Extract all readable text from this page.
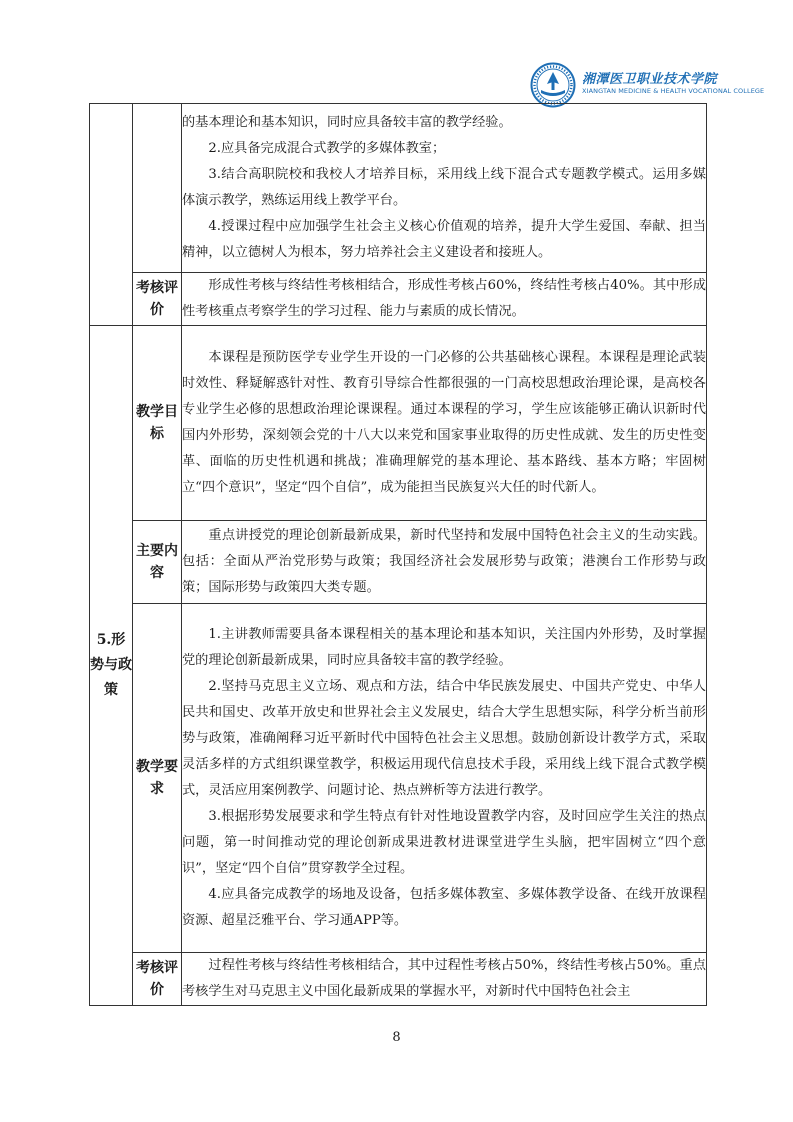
湘潭医卫职业技术学院
XIANGTAN MEDICINE & HEALTH VOCATIONAL COLLEGE

		的基本理论和基本知识，同时应具备较丰富的教学经验。

2.应具备完成混合式教学的多媒体教室；

3.结合高职院校和我校人才培养目标，采用线上线下混合式专题教学模式。运用多媒体演示教学，熟练运用线上教学平台。

4.授课过程中应加强学生社会主义核心价值观的培养，提升大学生爱国、奉献、担当精神，以立德树人为根本，努力培养社会主义建设者和接班人。

	考核评价	形成性考核与终结性考核相结合，形成性考核占60%，终结性考核占40%。其中形成性考核重点考察学生的学习过程、能力与素质的成长情况。

5.形势与政策	教学目标	本课程是预防医学专业学生开设的一门必修的公共基础核心课程。本课程是理论武装时效性、释疑解惑针对性、教育引导综合性都很强的一门高校思想政治理论课，是高校各专业学生必修的思想政治理论课课程。通过本课程的学习，学生应该能够正确认识新时代国内外形势，深刻领会党的十八大以来党和国家事业取得的历史性成就、发生的历史性变革、面临的历史性机遇和挑战；准确理解党的基本理论、基本路线、基本方略；牢固树立“四个意识”，坚定“四个自信”，成为能担当民族复兴大任的时代新人。

	主要内容	重点讲授党的理论创新最新成果，新时代坚持和发展中国特色社会主义的生动实践。包括：全面从严治党形势与政策；我国经济社会发展形势与政策；港澳台工作形势与政策；国际形势与政策四大类专题。

	教学要求	1.主讲教师需要具备本课程相关的基本理论和基本知识，关注国内外形势，及时掌握党的理论创新最新成果，同时应具备较丰富的教学经验。

2.坚持马克思主义立场、观点和方法，结合中华民族发展史、中国共产党史、中华人民共和国史、改革开放史和世界社会主义发展史，结合大学生思想实际，科学分析当前形势与政策，准确阐释习近平新时代中国特色社会主义思想。鼓励创新设计教学方式，采取灵活多样的方式组织课堂教学，积极运用现代信息技术手段，采用线上线下混合式教学模式，灵活应用案例教学、问题讨论、热点辨析等方法进行教学。

3.根据形势发展要求和学生特点有针对性地设置教学内容，及时回应学生关注的热点问题，第一时间推动党的理论创新成果进教材进课堂进学生头脑，把牢固树立“四个意识”，坚定“四个自信”贯穿教学全过程。

4.应具备完成教学的场地及设备，包括多媒体教室、多媒体教学设备、在线开放课程资源、超星泛雅平台、学习通APP等。

	考核评价	过程性考核与终结性考核相结合，其中过程性考核占50%，终结性考核占50%。重点考核学生对马克思主义中国化最新成果的掌握水平，对新时代中国特色社会主

8
